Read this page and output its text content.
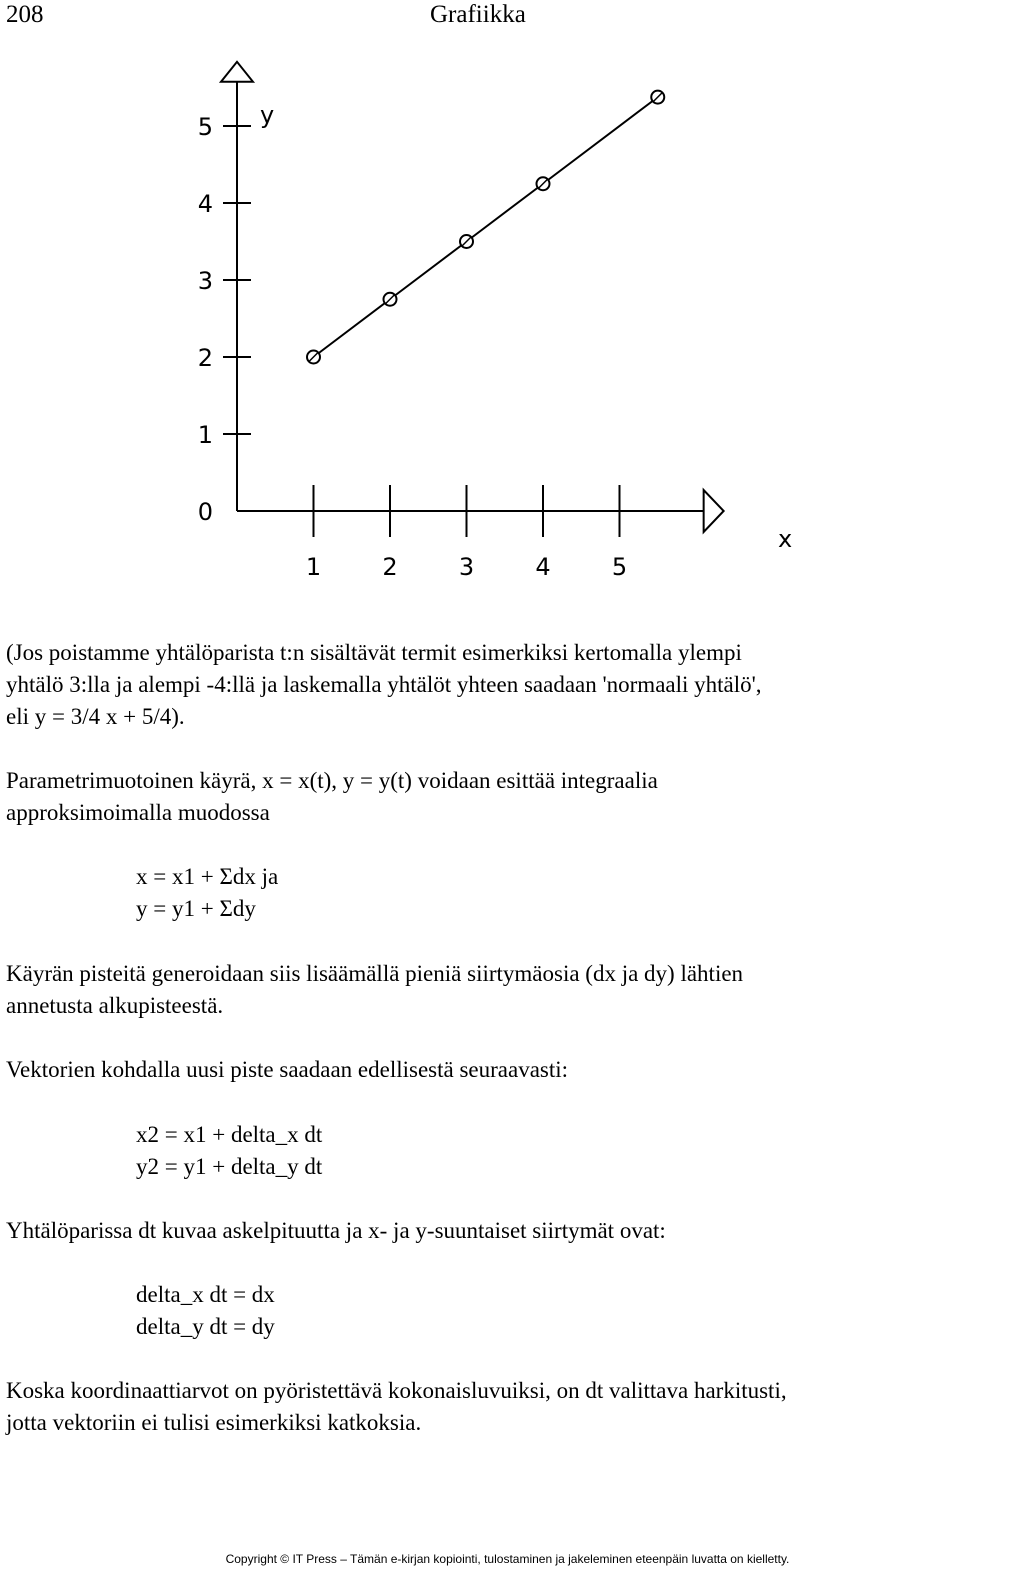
208	Grafiikka
1	2	3	4	5
0
1
2
3
4
5
x
y
(Jos poistamme yhtälöparista t:n sisältävät termit esimerkiksi kertomalla ylempi
yhtälö 3:lla ja alempi -4:llä ja laskemalla yhtälöt yhteen saadaan 'normaali yhtälö',
eli y = 3/4 x + 5/4).
Parametrimuotoinen käyrä, x = x(t), y = y(t) voidaan esittää integraalia
approksimoimalla muodossa
x = x1 + Σdx ja
y = y1 + Σdy
Käyrän pisteitä generoidaan siis lisäämällä pieniä siirtymäosia (dx ja dy) lähtien
annetusta alkupisteestä.
Vektorien kohdalla uusi piste saadaan edellisestä seuraavasti:
x2 = x1 + delta_x dt
y2 = y1 + delta_y dt
Yhtälöparissa dt kuvaa askelpituutta ja x- ja y-suuntaiset siirtymät ovat:
delta_x dt = dx
delta_y dt = dy
Koska koordinaattiarvot on pyöristettävä kokonaisluvuiksi, on dt valittava harkitusti,
jotta vektoriin ei tulisi esimerkiksi katkoksia.
Copyright © IT Press – Tämän e-kirjan kopiointi, tulostaminen ja jakeleminen eteenpäin luvatta on kielletty.
